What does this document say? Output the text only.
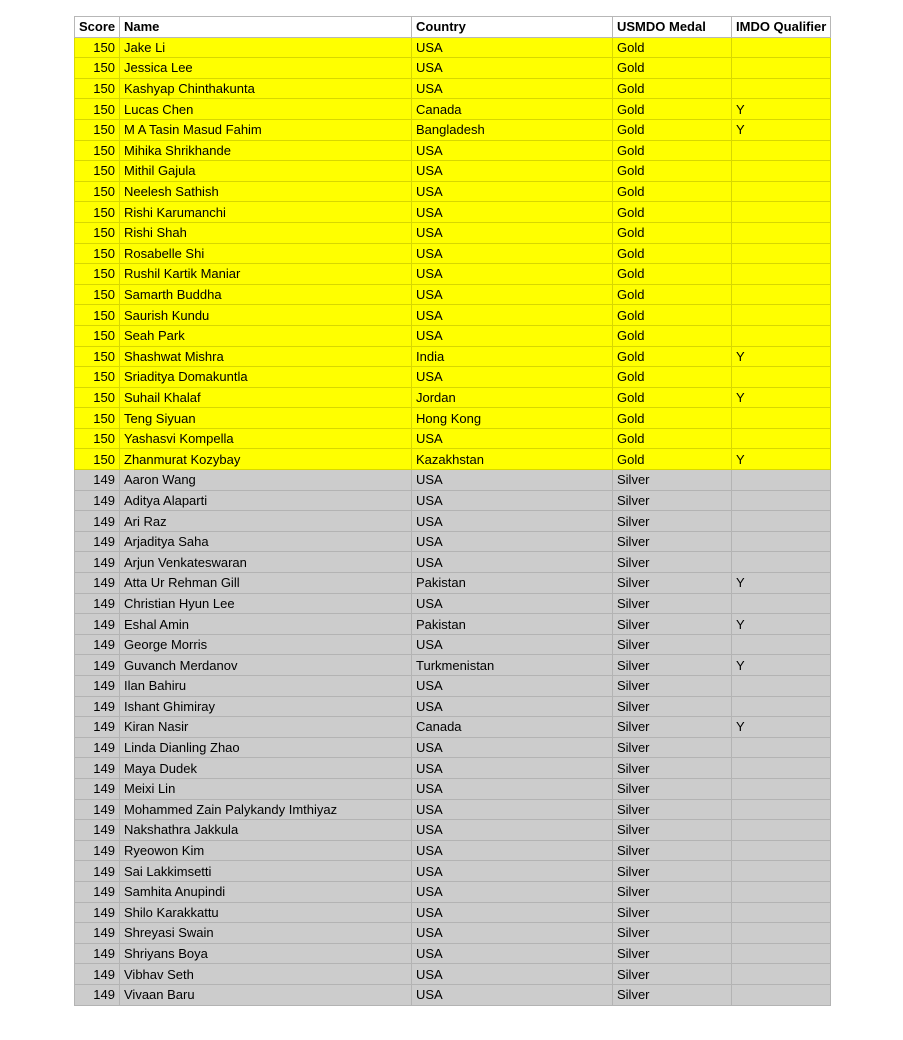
Score	Name	Country	USMDO Medal	IMDO Qualifier
150	Jake Li	USA	Gold	
150	Jessica Lee	USA	Gold	
150	Kashyap Chinthakunta	USA	Gold	
150	Lucas Chen	Canada	Gold	Y
150	M A Tasin Masud Fahim	Bangladesh	Gold	Y
150	Mihika Shrikhande	USA	Gold	
150	Mithil Gajula	USA	Gold	
150	Neelesh Sathish	USA	Gold	
150	Rishi Karumanchi	USA	Gold	
150	Rishi Shah	USA	Gold	
150	Rosabelle Shi	USA	Gold	
150	Rushil Kartik Maniar	USA	Gold	
150	Samarth Buddha	USA	Gold	
150	Saurish Kundu	USA	Gold	
150	Seah Park	USA	Gold	
150	Shashwat Mishra	India	Gold	Y
150	Sriaditya Domakuntla	USA	Gold	
150	Suhail Khalaf	Jordan	Gold	Y
150	Teng Siyuan	Hong Kong	Gold	
150	Yashasvi Kompella	USA	Gold	
150	Zhanmurat Kozybay	Kazakhstan	Gold	Y
149	Aaron Wang	USA	Silver	
149	Aditya Alaparti	USA	Silver	
149	Ari Raz	USA	Silver	
149	Arjaditya Saha	USA	Silver	
149	Arjun Venkateswaran	USA	Silver	
149	Atta Ur Rehman Gill	Pakistan	Silver	Y
149	Christian Hyun Lee	USA	Silver	
149	Eshal Amin	Pakistan	Silver	Y
149	George Morris	USA	Silver	
149	Guvanch Merdanov	Turkmenistan	Silver	Y
149	Ilan Bahiru	USA	Silver	
149	Ishant Ghimiray	USA	Silver	
149	Kiran Nasir	Canada	Silver	Y
149	Linda Dianling Zhao	USA	Silver	
149	Maya Dudek	USA	Silver	
149	Meixi Lin	USA	Silver	
149	Mohammed Zain Palykandy Imthiyaz	USA	Silver	
149	Nakshathra Jakkula	USA	Silver	
149	Ryeowon Kim	USA	Silver	
149	Sai Lakkimsetti	USA	Silver	
149	Samhita Anupindi	USA	Silver	
149	Shilo Karakkattu	USA	Silver	
149	Shreyasi Swain	USA	Silver	
149	Shriyans Boya	USA	Silver	
149	Vibhav Seth	USA	Silver	
149	Vivaan Baru	USA	Silver	
